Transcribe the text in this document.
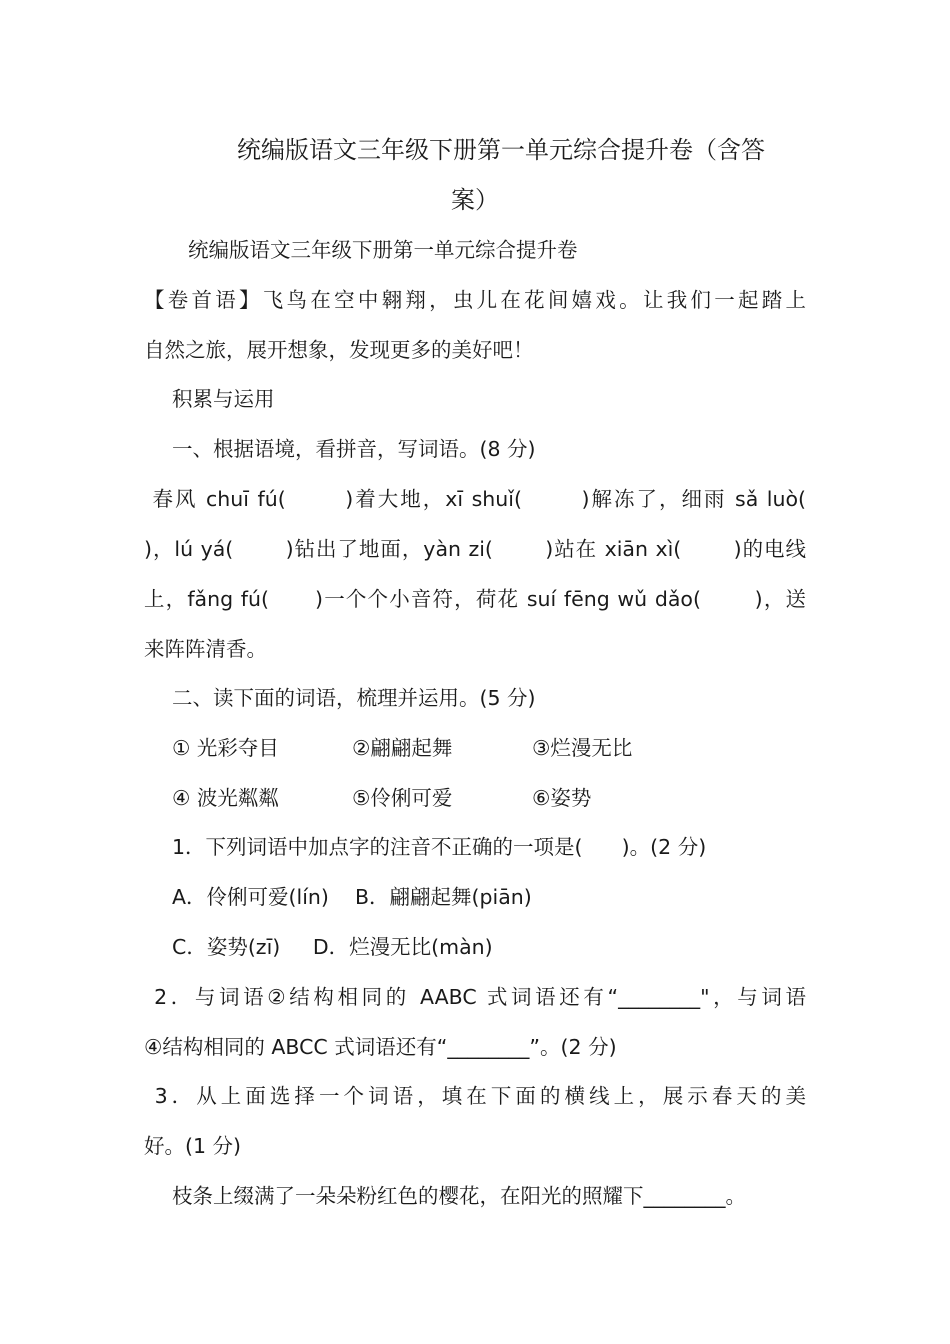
统编版语文三年级下册第一单元综合提升卷（含答
案）
统编版语文三年级下册第一单元综合提升卷
【卷首语】飞鸟在空中翱翔，虫儿在花间嬉戏。让我们一起踏上
自然之旅，展开想象，发现更多的美好吧！
积累与运用
一、根据语境，看拼音，写词语。(8 分)
春风 chuī fú(       )着大地，xī shuǐ(       )解冻了，细雨 sǎ luò(
)，lú yá(       )钻出了地面，yàn zi(       )站在 xiān xì(       )的电线
上，fǎng fú(      )一个个小音符，荷花 suí fēng wǔ dǎo(       )，送
来阵阵清香。
二、读下面的词语，梳理并运用。(5 分)
① 光彩夺目	②翩翩起舞	③烂漫无比
④ 波光粼粼	⑤伶俐可爱	⑥姿势
1．下列词语中加点字的注音不正确的一项是(      )。(2 分)
A．伶俐可爱(lín)    B．翩翩起舞(piān)
C．姿势(zī)     D．烂漫无比(màn)
2．与词语②结构相同的 AABC 式词语还有“________"，与词语
④结构相同的 ABCC 式词语还有“________”。(2 分)
3．从上面选择一个词语，填在下面的横线上，展示春天的美
好。(1 分)
枝条上缀满了一朵朵粉红色的樱花，在阳光的照耀下________。
